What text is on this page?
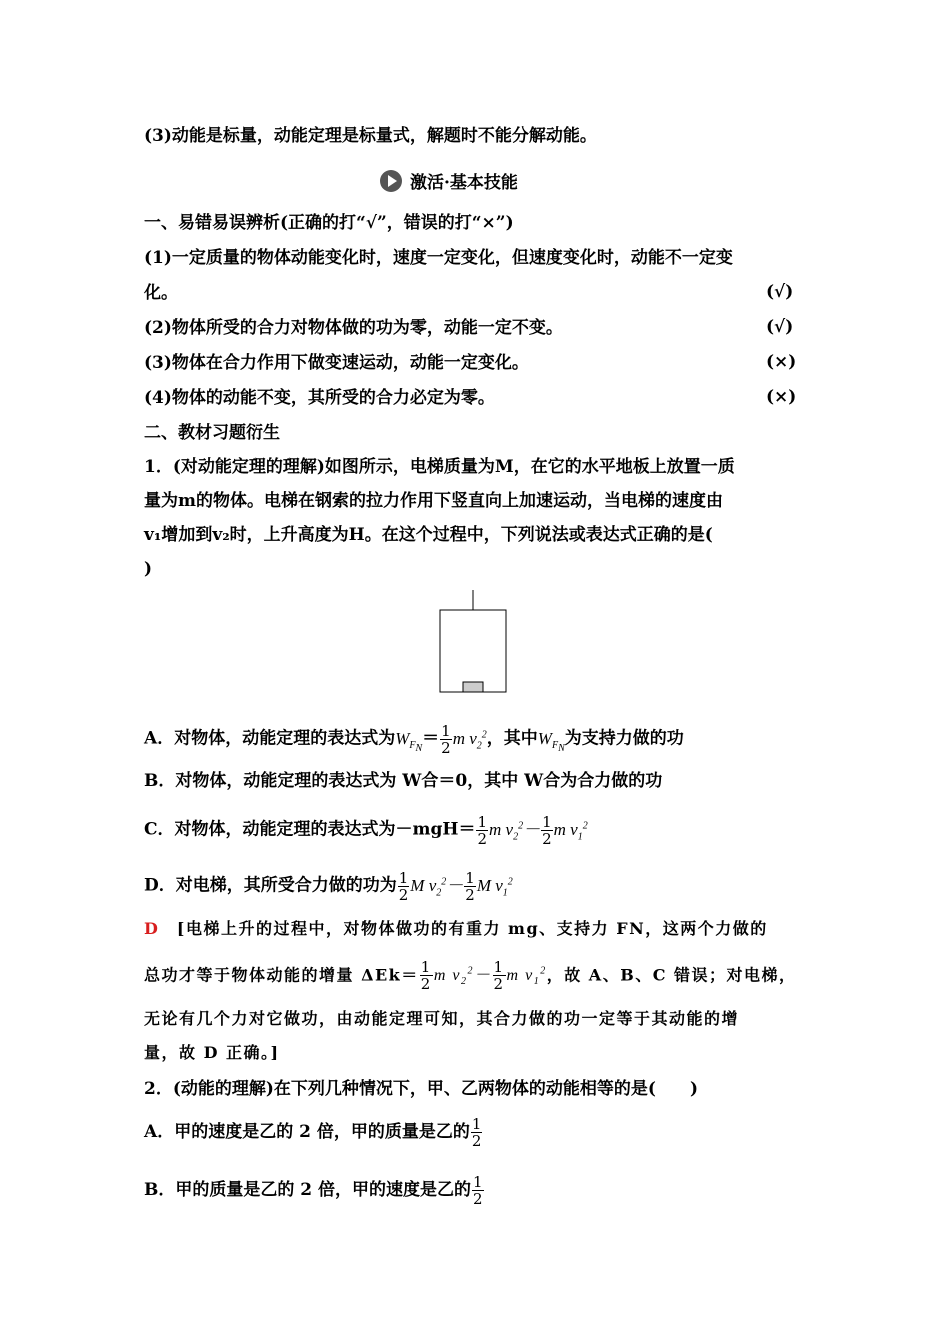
(3)动能是标量，动能定理是标量式，解题时不能分解动能。
激活·基本技能
一、易错易误辨析(正确的打“√”，错误的打“×”)
(1)一定质量的物体动能变化时，速度一定变化，但速度变化时，动能不一定变
化。	(√)
(2)物体所受的合力对物体做的功为零，动能一定不变。	(√)
(3)物体在合力作用下做变速运动，动能一定变化。	(×)
(4)物体的动能不变，其所受的合力必定为零。	(×)
二、教材习题衍生
1．(对动能定理的理解)如图所示，电梯质量为M，在它的水平地板上放置一质
量为m的物体。电梯在钢索的拉力作用下竖直向上加速运动，当电梯的速度由
v₁增加到v₂时，上升高度为H。在这个过程中，下列说法或表达式正确的是(
)
A．对物体，动能定理的表达式为$W_{F_N}= \frac{1}{2}$ m $v_2^2$，其中$W_{F_N}$为支持力做的功
B．对物体，动能定理的表达式为 W合＝0，其中 W合为合力做的功
C．对物体，动能定理的表达式为$-mgH= \frac{1}{2}$ m $v_2^2- \frac{1}{2}$ m $v_1^2$
D．对电梯，其所受合力做的功为 $\frac{1}{2}$ M $v_2^2- \frac{1}{2}$ M $v_1^2$
D　 [电梯上升的过程中，对物体做功的有重力 mg、支持力 FN，这两个力做的
总功才等于物体动能的增量 $\Delta Ek= \frac{1}{2}$ m $v_2^2- \frac{1}{2}$ m $v_1^2$，故 A、B、C 错误；对电梯，
无论有几个力对它做功，由动能定理可知，其合力做的功一定等于其动能的增
量，故 D 正确。]
2．(动能的理解)在下列几种情况下，甲、乙两物体的动能相等的是(　　)
A．甲的速度是乙的 2 倍，甲的质量是乙的 $\frac{1}{2}$
B．甲的质量是乙的 2 倍，甲的速度是乙的 $\frac{1}{2}$
